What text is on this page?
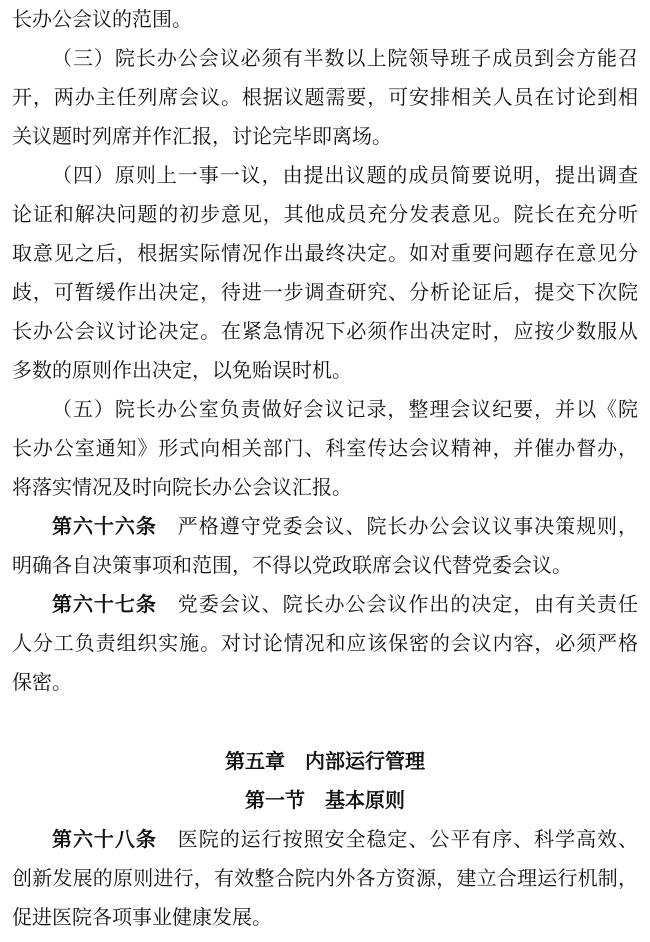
长办公会议的范围。
（三）院长办公会议必须有半数以上院领导班子成员到会方能召
开，两办主任列席会议。根据议题需要，可安排相关人员在讨论到相
关议题时列席并作汇报，讨论完毕即离场。
（四）原则上一事一议，由提出议题的成员简要说明，提出调查
论证和解决问题的初步意见，其他成员充分发表意见。院长在充分听
取意见之后，根据实际情况作出最终决定。如对重要问题存在意见分
歧，可暂缓作出决定，待进一步调查研究、分析论证后，提交下次院
长办公会议讨论决定。在紧急情况下必须作出决定时，应按少数服从
多数的原则作出决定，以免贻误时机。
（五）院长办公室负责做好会议记录，整理会议纪要，并以《院
长办公室通知》形式向相关部门、科室传达会议精神，并催办督办，
将落实情况及时向院长办公会议汇报。
第六十六条　 严格遵守党委会议、院长办公会议议事决策规则，
明确各自决策事项和范围，不得以党政联席会议代替党委会议。
第六十七条　 党委会议、院长办公会议作出的决定，由有关责任
人分工负责组织实施。对讨论情况和应该保密的会议内容，必须严格
保密。
第五章　内部运行管理
第一节　基本原则
第六十八条　 医院的运行按照安全稳定、公平有序、科学高效、
创新发展的原则进行，有效整合院内外各方资源，建立合理运行机制，
促进医院各项事业健康发展。
